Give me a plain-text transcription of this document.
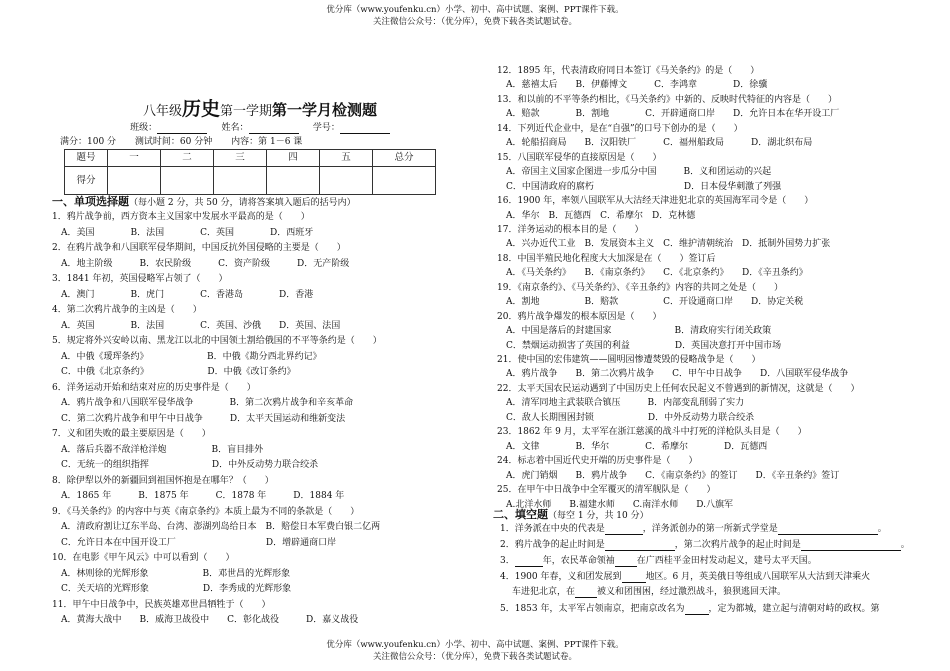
优分库（www.youfenku.cn）小学、初中、高中试题、案例、PPT课件下载。
关注微信公众号：（优分库），免费下载各类试题试卷。
八年级历史第一学期第一学月检测题
班级：	姓名：	学号：
满分：100 分 测试时间：60 分钟 内容：第 1－6 课
题号	一	二	三	四	五	总分
得分						
一、单项选择题（每小题 2 分，共 50 分，请将答案填入题后的括号内）
1．鸦片战争前，西方资本主义国家中发展水平最高的是（　　）
　A．美国　　　　B．法国　　　　C．英国　　　　D．西班牙
2．在鸦片战争和八国联军侵华期间，中国反抗外国侵略的主要是（　　）
　A．地主阶级　　　B．农民阶级　　　C．资产阶级　　　D．无产阶级
3．1841 年初，英国侵略军占领了（　　）
　A．澳门　　　　B．虎门　　　　C．香港岛　　　　D．香港
4．第二次鸦片战争的主凶是（　　）
　A．英国　　　　B．法国　　　　C．英国、沙俄　　D．英国、法国
5．规定将外兴安岭以南、黑龙江以北的中国领土割给俄国的不平等条约是（　　）
　A．中俄《瑷珲条约》　　　　　　　B．中俄《勘分西北界约记》
　C．中俄《北京条约》　　　　　　　D．中俄《改订条约》
6．洋务运动开始和结束对应的历史事件是（　　）
　A．鸦片战争和八国联军侵华战争　　　　B．第二次鸦片战争和辛亥革命
　C．第二次鸦片战争和甲午中日战争　　　D．太平天国运动和维新变法
7．义和团失败的最主要原因是（　　）
　A．落后兵器不敌洋枪洋炮　　　　　B．盲目排外
　C．无统一的组织指挥　　　　　　　D．中外反动势力联合绞杀
8．除伊犁以外的新疆回到祖国怀抱是在哪年？（　　）
　A．1865 年　　　B．1875 年　　　C．1878 年　　　D．1884 年
9．《马关条约》的内容中与英《南京条约》本质上最为不同的条款是（　　）
　A．清政府割让辽东半岛、台湾、澎湖列岛给日本　B．赔偿日本军费白银二亿两
　C．允许日本在中国开设工厂　　　　　　　　　　D．增辟通商口岸
10．在电影《甲午风云》中可以看到（　　）
　A．林则徐的光辉形象　　　　　　B．邓世昌的光辉形象
　C．关天培的光辉形象　　　　　　D．李秀成的光辉形象
11．甲午中日战争中，民族英雄邓世昌牺牲于（　　）
　A．黄海大战中　　B．威海卫战役中　　C．彰化战役　　　D．嘉义战役
12．1895 年，代表清政府同日本签订《马关条约》的是（　　）
　A．慈禧太后　　B．伊藤博文　　　C．李鸿章　　　　D．徐骥
13．和以前的不平等条约相比，《马关条约》中新的、反映时代特征的内容是（　　）
　A．赔款　　　　B．割地　　　　C．开辟通商口岸　　D．允许日本在华开设工厂
14．下列近代企业中，是在“自强”的口号下创办的是（　　）
　A．轮船招商局　　B．汉阳铁厂　　　C．福州船政局　　　D．湖北织布局
15．八国联军侵华的直接原因是（　　）
　A．帝国主义国家企图进一步瓜分中国　　　B．义和团运动的兴起
　C．中国清政府的腐朽　　　　　　　　　　D．日本侵华刺激了列强
16．1900 年，率领八国联军从大沽经天津进犯北京的英国海军司令是（　　）
　A．华尔　B．瓦德西　C．希摩尔　D．克林德
17．洋务运动的根本目的是（　　）
　A．兴办近代工业　B．发展资本主义　C．维护清朝统治　D．抵制外国势力扩张
18．中国半殖民地化程度大大加深是在（　　）签订后
　A．《马关条约》　　B．《南京条约》　　C．《北京条约》　　D．《辛丑条约》
19．《南京条约》、《马关条约》、《辛丑条约》内容的共同之处是（　　）
　A．割地　　　　　B．赔款　　　　　C．开设通商口岸　　D．协定关税
20．鸦片战争爆发的根本原因是（　　）
　A．中国是落后的封建国家　　　　　　　B．清政府实行闭关政策
　C．禁烟运动损害了英国的利益　　　　　D．英国决意打开中国市场
21．使中国的宏伟建筑——圆明园惨遭焚毁的侵略战争是（　　）
　A．鸦片战争　　B．第二次鸦片战争　　C．甲午中日战争　　D．八国联军侵华战争
22．太平天国农民运动遇到了中国历史上任何农民起义不曾遇到的新情况，这就是（　　）
　A．清军同地主武装联合镇压　　　B．内部变乱削弱了实力
　C．敌人长期围困封锁　　　　　　D．中外反动势力联合绞杀
23．1862 年 9 月，太平军在浙江慈溪的战斗中打死的洋枪队头目是（　　）
　A．文律　　　　B．华尔　　　　C．希摩尔　　　　D．瓦德西
24．标志着中国近代史开端的历史事件是（　　）
　A．虎门销烟　　B．鸦片战争　　C．《南京条约》的签订　　D．《辛丑条约》签订
25．在甲午中日战争中全军覆灭的清军舰队是（　　）
　A.北洋水师　　B.福建水师　　C.南洋水师　　D.八旗军
二、填空题（每空 1 分，共 10 分）
1．洋务派在中央的代表是	，洋务派创办的第一所新式学堂是	。
2．鸦片战争的起止时间是	，第二次鸦片战争的起止时间是	。
3．	年，农民革命领袖 在广西桂平金田村发动起义，建号太平天国。
4．1900 年春，义和团发展到	地区。6 月，英美俄日等组成八国联军从大沽到天津乘火
车进犯北京，在 被义和团围困，经过激烈战斗，狼狈逃回天津。
5．1853 年，太平军占领南京，把南京改名为	，定为都城，建立起与清朝对峙的政权。第
优分库（www.youfenku.cn）小学、初中、高中试题、案例、PPT课件下载。
关注微信公众号：（优分库），免费下载各类试题试卷。
